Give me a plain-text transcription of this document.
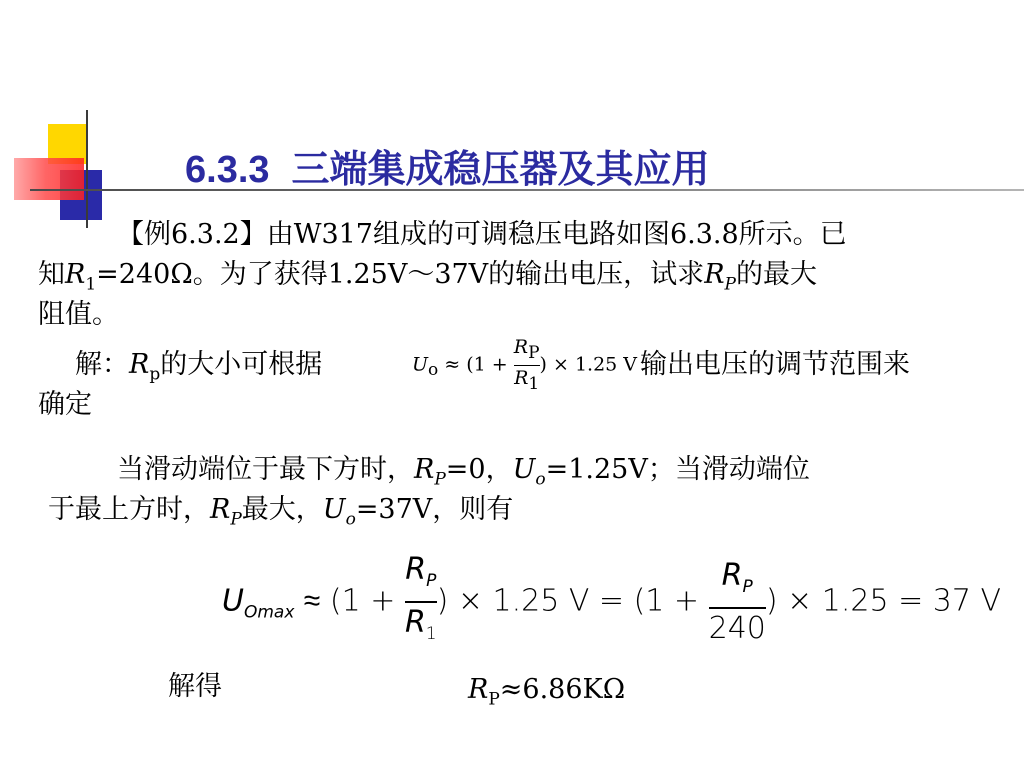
6.3.3 三端集成稳压器及其应用
【例6.3.2】由W317组成的可调稳压电路如图6.3.8所示。已
知$R_1=240\Omega$。为了获得1.25V～37V的输出电压，试求$R_P$的最大
阻值。
解：$R_p$的大小可根据	$U_o \approx (1 + \frac{R_P}{R_1}$ ) × 1.25 V 输出电压的调节范围来
确定
当滑动端位于最下方时，$R_P=0$，$U_o=1.25V$；当滑动端位
于最上方时，$R_P$最大，$U_o=37V$，则有
$U_{Omax} \approx (1 + \frac{R_P}{R_1}$ ) × 1.25 $V = (1 + \frac{R_P}{240}$ ) × 1.25 = 37 V
解得	$R_P\approx 6.86K\Omega$
